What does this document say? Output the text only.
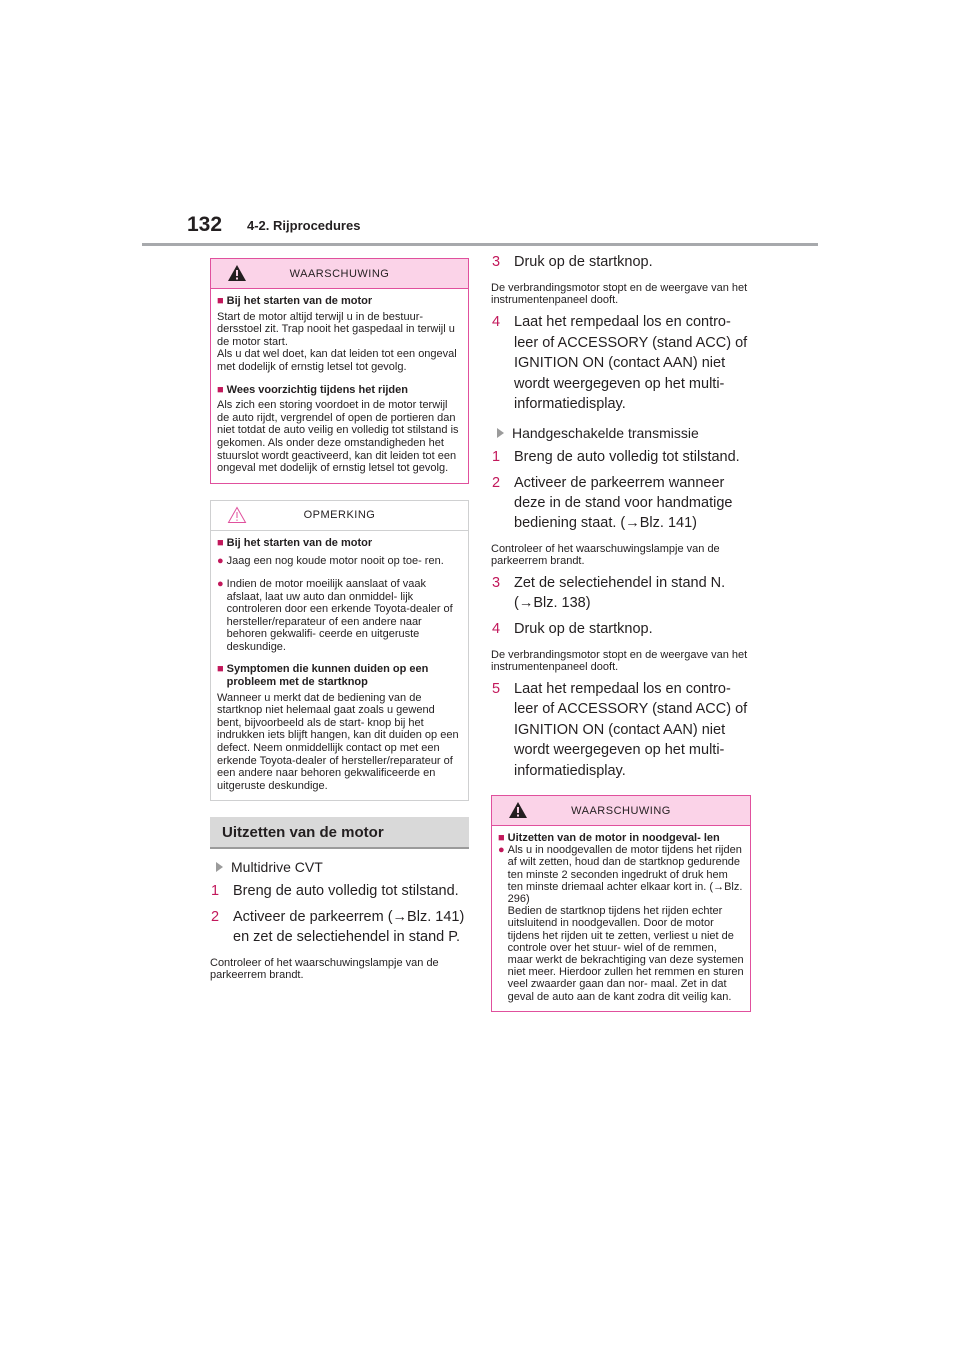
132 4-2. Rijprocedures
WAARSCHUWING
■ Bij het starten van de motor

Start de motor altijd terwijl u in de bestuur- dersstoel zit. Trap nooit het gaspedaal in terwijl u de motor start.

Als u dat wel doet, kan dat leiden tot een ongeval met dodelijk of ernstig letsel tot gevolg.

■ Wees voorzichtig tijdens het rijden

Als zich een storing voordoet in de motor terwijl de auto rijdt, vergrendel of open de portieren dan niet totdat de auto veilig en volledig tot stilstand is gekomen. Als onder deze omstandigheden het stuurslot wordt geactiveerd, kan dit leiden tot een ongeval met dodelijk of ernstig letsel tot gevolg.

OPMERKING
■ Bij het starten van de motor
● Jaag een nog koude motor nooit op toe- ren.
● Indien de motor moeilijk aanslaat of vaak afslaat, laat uw auto dan onmiddel- lijk controleren door een erkende Toyota-dealer of hersteller/reparateur of een andere naar behoren gekwalifi- ceerde en uitgeruste deskundige.
■ Symptomen die kunnen duiden op een probleem met de startknop

Wanneer u merkt dat de bediening van de startknop niet helemaal gaat zoals u gewend bent, bijvoorbeeld als de start- knop bij het indrukken iets blijft hangen, kan dit duiden op een defect. Neem onmiddellijk contact op met een erkende Toyota-dealer of hersteller/reparateur of een andere naar behoren gekwalificeerde en uitgeruste deskundige.

Uitzetten van de motor
Multidrive CVT
1 Breng de auto volledig tot stilstand.
2 Activeer de parkeerrem (→Blz. 141) en zet de selectiehendel in stand P.
Controleer of het waarschuwingslampje van de parkeerrem brandt.
3 Druk op de startknop.
De verbrandingsmotor stopt en de weergave van het instrumentenpaneel dooft.
4 Laat het rempedaal los en contro- leer of ACCESSORY (stand ACC) of IGNITION ON (contact AAN) niet wordt weergegeven op het multi- informatiedisplay.
Handgeschakelde transmissie
1 Breng de auto volledig tot stilstand.
2 Activeer de parkeerrem wanneer deze in de stand voor handmatige bediening staat. (→Blz. 141)
Controleer of het waarschuwingslampje van de parkeerrem brandt.
3 Zet de selectiehendel in stand N. (→Blz. 138)
4 Druk op de startknop.
De verbrandingsmotor stopt en de weergave van het instrumentenpaneel dooft.
5 Laat het rempedaal los en contro- leer of ACCESSORY (stand ACC) of IGNITION ON (contact AAN) niet wordt weergegeven op het multi- informatiedisplay.
WAARSCHUWING
■ Uitzetten van de motor in noodgeval- len
● Als u in noodgevallen de motor tijdens het rijden af wilt zetten, houd dan de startknop gedurende ten minste 2 seconden ingedrukt of druk hem ten minste driemaal achter elkaar kort in. (→Blz. 296)
Bedien de startknop tijdens het rijden echter uitsluitend in noodgevallen. Door de motor tijdens het rijden uit te zetten, verliest u niet de controle over het stuur- wiel of de remmen, maar werkt de bekrachtiging van deze systemen niet meer. Hierdoor zullen het remmen en sturen veel zwaarder gaan dan nor- maal. Zet in dat geval de auto aan de kant zodra dit veilig kan.
